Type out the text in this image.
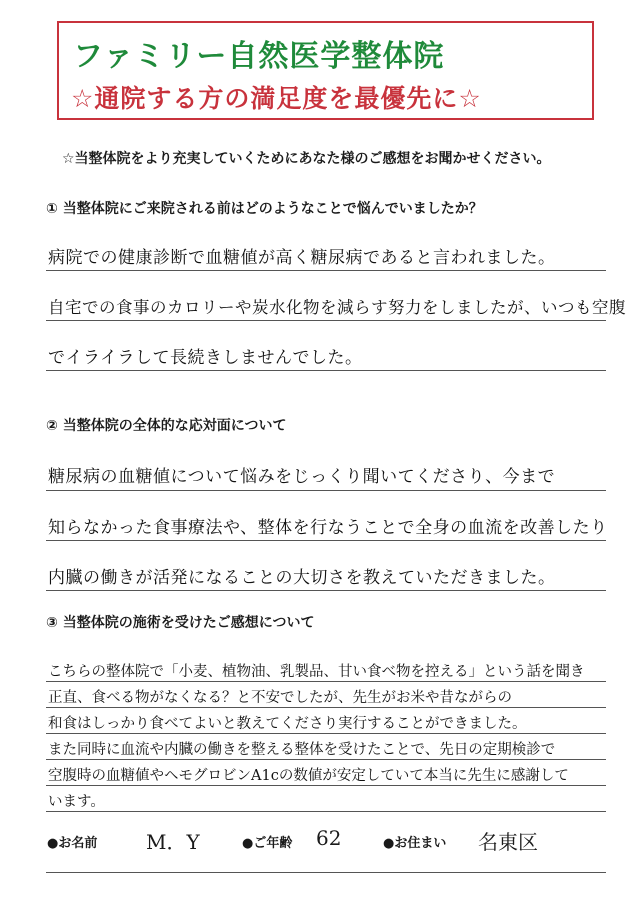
ファミリー自然医学整体院
☆通院する方の満足度を最優先に☆
☆当整体院をより充実していくためにあなた様のご感想をお聞かせください。
① 当整体院にご来院される前はどのようなことで悩んでいましたか？
病院での健康診断で血糖値が高く糖尿病であると言われました。
自宅での食事のカロリーや炭水化物を減らす努力をしましたが、いつも空腹
でイライラして長続きしませんでした。
② 当整体院の全体的な応対面について
糖尿病の血糖値について悩みをじっくり聞いてくださり、今まで
知らなかった食事療法や、整体を行なうことで全身の血流を改善したり
内臓の働きが活発になることの大切さを教えていただきました。
③ 当整体院の施術を受けたご感想について
こちらの整体院で「小麦、植物油、乳製品、甘い食べ物を控える」という話を聞き
正直、食べる物がなくなる？と不安でしたが、先生がお米や昔ながらの
和食はしっかり食べてよいと教えてくださり実行することができました。
また同時に血流や内臓の働きを整える整体を受けたことで、先日の定期検診で
空腹時の血糖値やヘモグロビンA1cの数値が安定していて本当に先生に感謝して
います。
●お名前 M．Y	●ご年齢 62	●お住まい 名東区
